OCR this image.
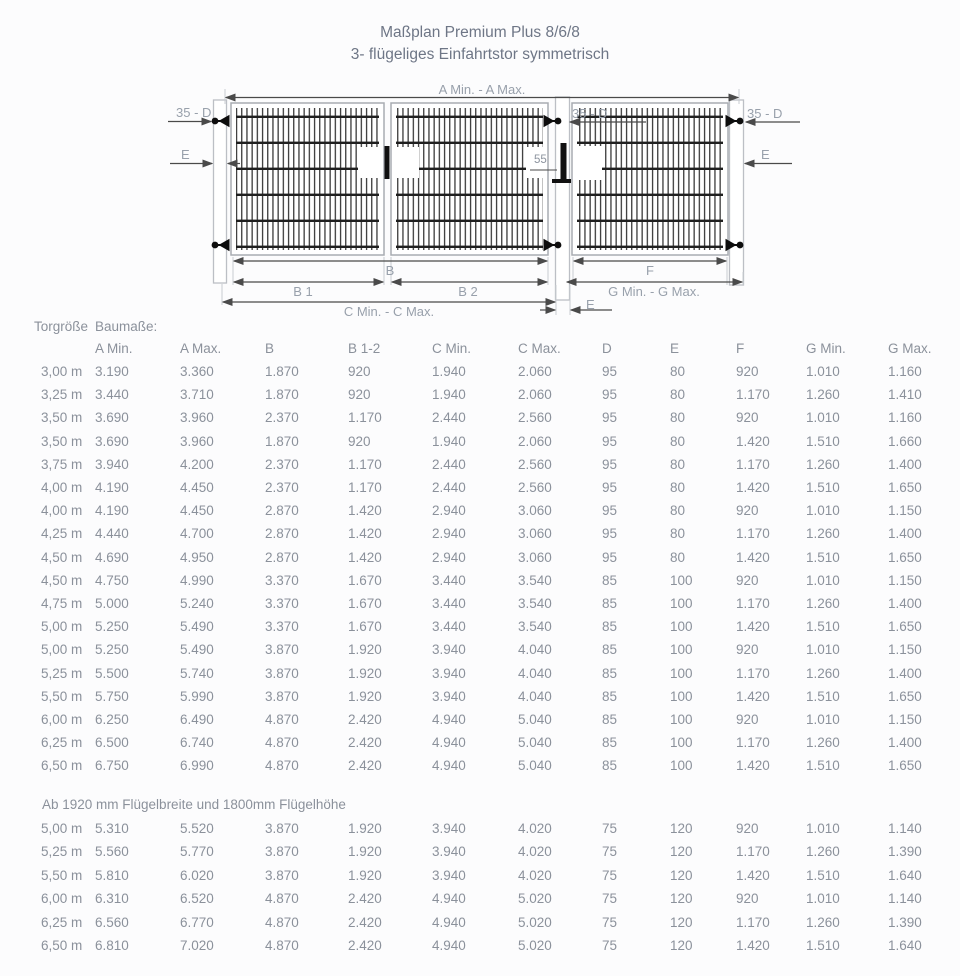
Maßplan Premium Plus 8/6/8
3- flügeliges Einfahrtstor symmetrisch
A Min. - A Max.
35 - D	35 - D	35 - D
E	E
55
B
B 1	B 2
C Min. - C Max.
F
G Min. - G Max.
E
Torgröße Baumaße:
A Min.	A Max.	B	B 1-2	C Min.	C Max.	D	E	F	G Min.	G Max.
3,00 m 3.190	3.360	1.870	920	1.940	2.060	95	80	920	1.010	1.160
3,25 m 3.440	3.710	1.870	920	1.940	2.060	95	80	1.170	1.260	1.410
3,50 m 3.690	3.960	2.370	1.170	2.440	2.560	95	80	920	1.010	1.160
3,50 m 3.690	3.960	1.870	920	1.940	2.060	95	80	1.420	1.510	1.660
3,75 m 3.940	4.200	2.370	1.170	2.440	2.560	95	80	1.170	1.260	1.400
4,00 m 4.190	4.450	2.370	1.170	2.440	2.560	95	80	1.420	1.510	1.650
4,00 m 4.190	4.450	2.870	1.420	2.940	3.060	95	80	920	1.010	1.150
4,25 m 4.440	4.700	2.870	1.420	2.940	3.060	95	80	1.170	1.260	1.400
4,50 m 4.690	4.950	2.870	1.420	2.940	3.060	95	80	1.420	1.510	1.650
4,50 m 4.750	4.990	3.370	1.670	3.440	3.540	85	100	920	1.010	1.150
4,75 m 5.000	5.240	3.370	1.670	3.440	3.540	85	100	1.170	1.260	1.400
5,00 m 5.250	5.490	3.370	1.670	3.440	3.540	85	100	1.420	1.510	1.650
5,00 m 5.250	5.490	3.870	1.920	3.940	4.040	85	100	920	1.010	1.150
5,25 m 5.500	5.740	3.870	1.920	3.940	4.040	85	100	1.170	1.260	1.400
5,50 m 5.750	5.990	3.870	1.920	3.940	4.040	85	100	1.420	1.510	1.650
6,00 m 6.250	6.490	4.870	2.420	4.940	5.040	85	100	920	1.010	1.150
6,25 m 6.500	6.740	4.870	2.420	4.940	5.040	85	100	1.170	1.260	1.400
6,50 m 6.750	6.990	4.870	2.420	4.940	5.040	85	100	1.420	1.510	1.650
Ab 1920 mm Flügelbreite und 1800mm Flügelhöhe
5,00 m 5.310	5.520	3.870	1.920	3.940	4.020	75	120	920	1.010	1.140
5,25 m 5.560	5.770	3.870	1.920	3.940	4.020	75	120	1.170	1.260	1.390
5,50 m 5.810	6.020	3.870	1.920	3.940	4.020	75	120	1.420	1.510	1.640
6,00 m 6.310	6.520	4.870	2.420	4.940	5.020	75	120	920	1.010	1.140
6,25 m 6.560	6.770	4.870	2.420	4.940	5.020	75	120	1.170	1.260	1.390
6,50 m 6.810	7.020	4.870	2.420	4.940	5.020	75	120	1.420	1.510	1.640
